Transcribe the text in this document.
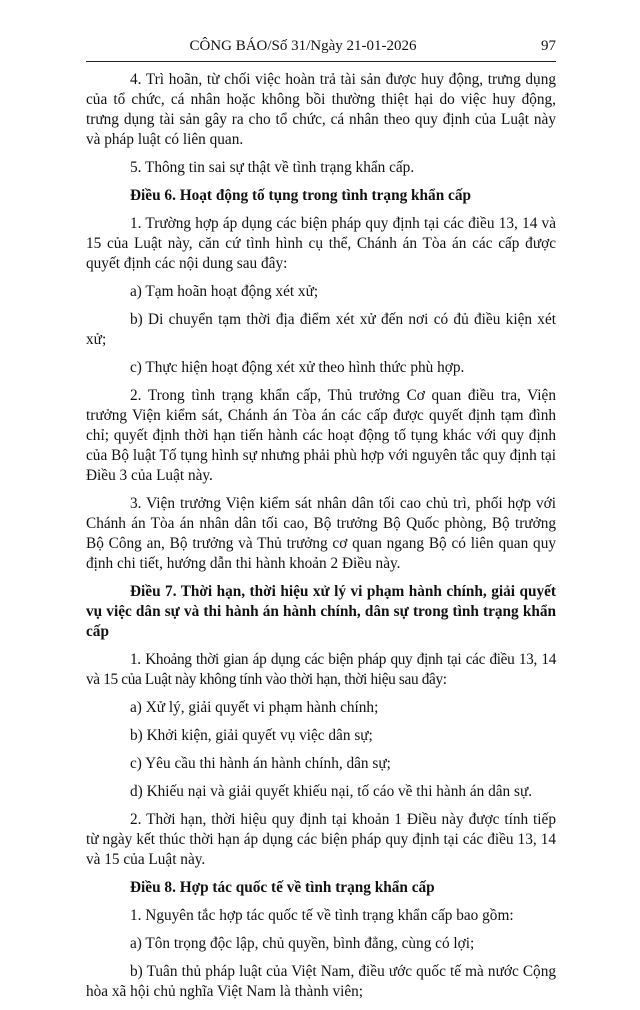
CÔNG BÁO/Số 31/Ngày 21-01-2026	97

4. Trì hoãn, từ chối việc hoàn trả tài sản được huy động, trưng dụng của tổ chức, cá nhân hoặc không bồi thường thiệt hại do việc huy động, trưng dụng tài sản gây ra cho tổ chức, cá nhân theo quy định của Luật này và pháp luật có liên quan.

5. Thông tin sai sự thật về tình trạng khẩn cấp.

Điều 6. Hoạt động tố tụng trong tình trạng khẩn cấp

1. Trường hợp áp dụng các biện pháp quy định tại các điều 13, 14 và 15 của Luật này, căn cứ tình hình cụ thể, Chánh án Tòa án các cấp được quyết định các nội dung sau đây:

a) Tạm hoãn hoạt động xét xử;

b) Di chuyển tạm thời địa điểm xét xử đến nơi có đủ điều kiện xét xử;

c) Thực hiện hoạt động xét xử theo hình thức phù hợp.

2. Trong tình trạng khẩn cấp, Thủ trưởng Cơ quan điều tra, Viện trưởng Viện kiểm sát, Chánh án Tòa án các cấp được quyết định tạm đình chỉ; quyết định thời hạn tiến hành các hoạt động tố tụng khác với quy định của Bộ luật Tố tụng hình sự nhưng phải phù hợp với nguyên tắc quy định tại Điều 3 của Luật này.

3. Viện trưởng Viện kiểm sát nhân dân tối cao chủ trì, phối hợp với Chánh án Tòa án nhân dân tối cao, Bộ trưởng Bộ Quốc phòng, Bộ trưởng Bộ Công an, Bộ trưởng và Thủ trưởng cơ quan ngang Bộ có liên quan quy định chi tiết, hướng dẫn thi hành khoản 2 Điều này.

Điều 7. Thời hạn, thời hiệu xử lý vi phạm hành chính, giải quyết vụ việc dân sự và thi hành án hành chính, dân sự trong tình trạng khẩn cấp

1. Khoảng thời gian áp dụng các biện pháp quy định tại các điều 13, 14 và 15 của Luật này không tính vào thời hạn, thời hiệu sau đây:

a) Xử lý, giải quyết vi phạm hành chính;

b) Khởi kiện, giải quyết vụ việc dân sự;

c) Yêu cầu thi hành án hành chính, dân sự;

d) Khiếu nại và giải quyết khiếu nại, tố cáo về thi hành án dân sự.

2. Thời hạn, thời hiệu quy định tại khoản 1 Điều này được tính tiếp từ ngày kết thúc thời hạn áp dụng các biện pháp quy định tại các điều 13, 14 và 15 của Luật này.

Điều 8. Hợp tác quốc tế về tình trạng khẩn cấp

1. Nguyên tắc hợp tác quốc tế về tình trạng khẩn cấp bao gồm:

a) Tôn trọng độc lập, chủ quyền, bình đẳng, cùng có lợi;

b) Tuân thủ pháp luật của Việt Nam, điều ước quốc tế mà nước Cộng hòa xã hội chủ nghĩa Việt Nam là thành viên;
